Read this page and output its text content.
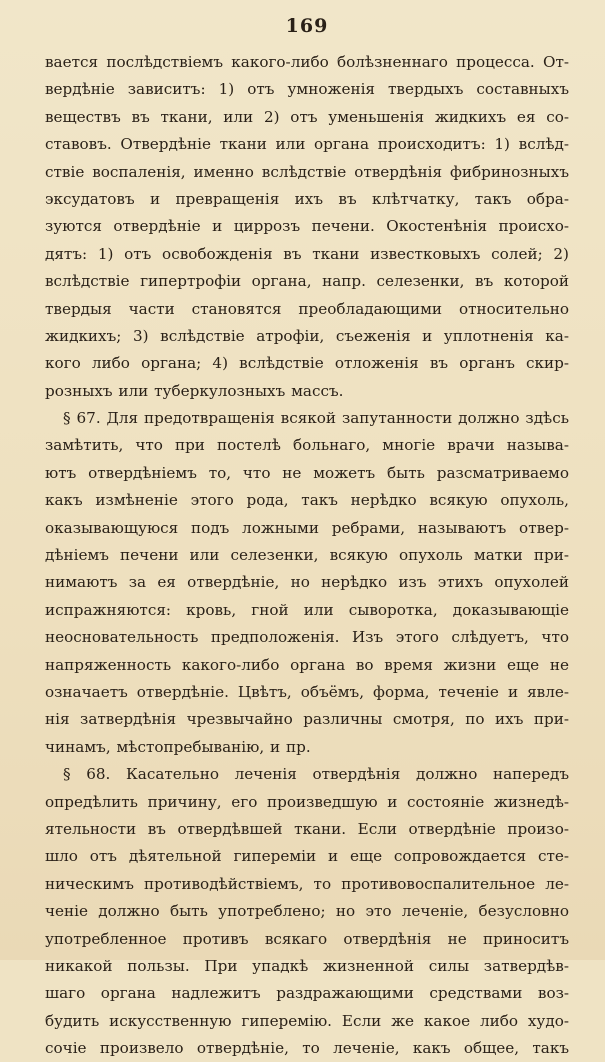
169
вается послѣдствіемъ какого-либо болѣзненнаго процесса. От-
вердѣніе зависитъ: 1) отъ умноженія твердыхъ составныхъ
веществъ въ ткани, или 2) отъ уменьшенія жидкихъ ея со-
ставовъ. Отвердѣніе ткани или органа происходитъ: 1) вслѣд-
ствіе воспаленія, именно вслѣдствіе отвердѣнія фибринозныхъ
эксудатовъ и превращенія ихъ въ клѣтчатку, такъ обра-
зуются отвердѣніе и циррозъ печени. Окостенѣнія происхо-
дятъ: 1) отъ освобожденія въ ткани известковыхъ солей; 2)
вслѣдствіе гипертрофіи органа, напр. селезенки, въ которой
твердыя части становятся преобладающими относительно
жидкихъ; 3) вслѣдствіе атрофіи, съеженія и уплотненія ка-
кого либо органа; 4) вслѣдствіе отложенія въ органъ скир-
розныхъ или туберкулозныхъ массъ.
§ 67. Для предотвращенія всякой запутанности должно здѣсь
замѣтить, что при постелѣ больнаго, многіе врачи называ-
ютъ отвердѣніемъ то, что не можетъ быть разсматриваемо
какъ измѣненіе этого рода, такъ нерѣдко всякую опухоль,
оказывающуюся подъ ложными ребрами, называютъ отвер-
дѣніемъ печени или селезенки, всякую опухоль матки при-
нимаютъ за ея отвердѣніе, но нерѣдко изъ этихъ опухолей
испражняются: кровь, гной или сыворотка, доказывающіе
неосновательность предположенія. Изъ этого слѣдуетъ, что
напряженность какого-либо органа во время жизни еще не
означаетъ отвердѣніе. Цвѣтъ, объёмъ, форма, теченіе и явле-
нія затвердѣнія чрезвычайно различны смотря, по ихъ при-
чинамъ, мѣстопребыванію, и пр.
§ 68. Касательно леченія отвердѣнія должно напередъ
опредѣлить причину, его произведшую и состояніе жизнедѣ-
ятельности въ отвердѣвшей ткани. Если отвердѣніе произо-
шло отъ дѣятельной гипереміи и еще сопровождается сте-
ническимъ противодѣйствіемъ, то противовоспалительное ле-
ченіе должно быть употреблено; но это леченіе, безусловно
употребленное противъ всякаго отвердѣнія не приноситъ
никакой пользы. При упадкѣ жизненной силы затвердѣв-
шаго органа надлежитъ раздражающими средствами воз-
будить искусственную гиперемію. Если же какое либо худо-
сочіе произвело отвердѣніе, то леченіе, какъ общее, такъ
